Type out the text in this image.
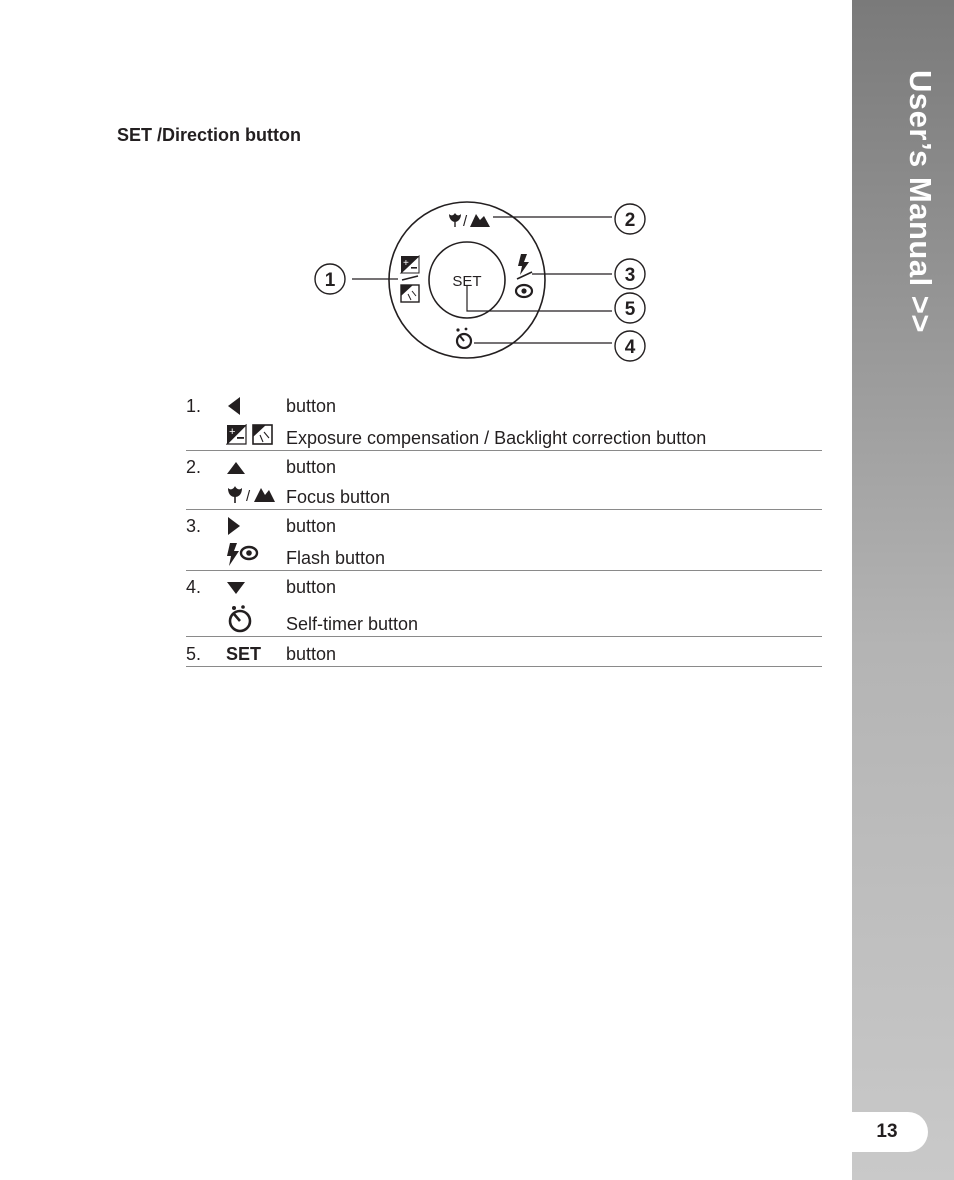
User’s Manual >>
13
SET /Direction button
SET
/
+
1
2
3
5
4
1.	button
+	Exposure compensation / Backlight correction button
2.	button
/ Focus button
3.	button
Flash button
4.	button
Self-timer button
5. SET button
